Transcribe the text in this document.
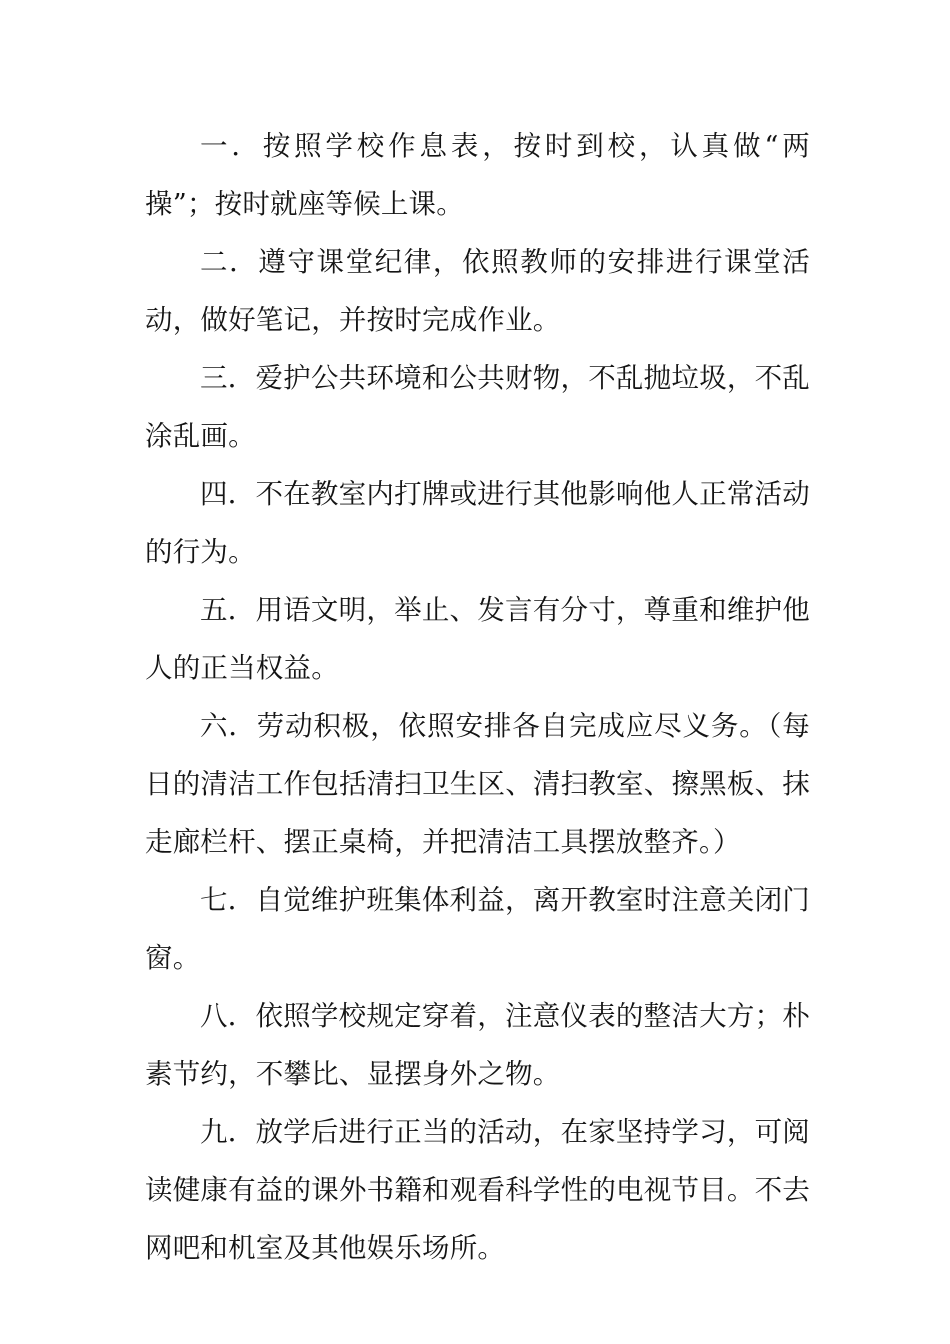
一．按照学校作息表，按时到校，认真做“两操”；按时就座等候上课。

二．遵守课堂纪律，依照教师的安排进行课堂活动，做好笔记，并按时完成作业。

三．爱护公共环境和公共财物，不乱抛垃圾，不乱涂乱画。

四．不在教室内打牌或进行其他影响他人正常活动的行为。

五．用语文明，举止、发言有分寸，尊重和维护他人的正当权益。

六．劳动积极，依照安排各自完成应尽义务。（每日的清洁工作包括清扫卫生区、清扫教室、擦黑板、抹走廊栏杆、摆正桌椅，并把清洁工具摆放整齐。）

七．自觉维护班集体利益，离开教室时注意关闭门窗。

八．依照学校规定穿着，注意仪表的整洁大方；朴素节约，不攀比、显摆身外之物。

九．放学后进行正当的活动，在家坚持学习，可阅读健康有益的课外书籍和观看科学性的电视节目。不去网吧和机室及其他娱乐场所。
